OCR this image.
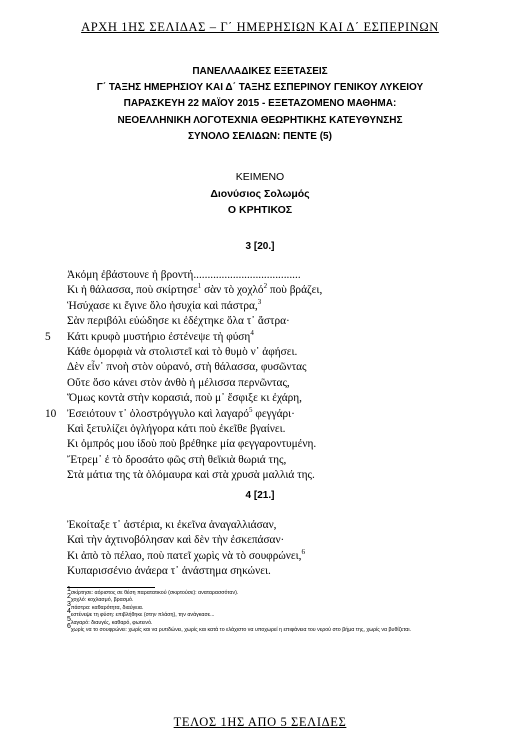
ΑΡΧΗ 1ΗΣ ΣΕΛΙΔΑΣ – Γ΄ ΗΜΕΡΗΣΙΩΝ ΚΑΙ Δ΄ ΕΣΠΕΡΙΝΩΝ
ΠΑΝΕΛΛΑΔΙΚΕΣ ΕΞΕΤΑΣΕΙΣ
Γ΄ ΤΑΞΗΣ ΗΜΕΡΗΣΙΟΥ ΚΑΙ Δ΄ ΤΑΞΗΣ ΕΣΠΕΡΙΝΟΥ ΓΕΝΙΚΟΥ ΛΥΚΕΙΟΥ
ΠΑΡΑΣΚΕΥΗ 22 ΜΑΪΟΥ 2015 - ΕΞΕΤΑΖΟΜΕΝΟ ΜΑΘΗΜΑ:
ΝΕΟΕΛΛΗΝΙΚΗ ΛΟΓΟΤΕΧΝΙΑ ΘΕΩΡΗΤΙΚΗΣ ΚΑΤΕΥΘΥΝΣΗΣ
ΣΥΝΟΛΟ ΣΕΛΙΔΩΝ: ΠΕΝΤΕ (5)
ΚΕΙΜΕΝΟ
Διονύσιος Σολωμός
Ο ΚΡΗΤΙΚΟΣ
3 [20.]
Ἀκόμη ἐβάστουνε ἡ βροντή......................................
Κι ἡ θάλασσα, ποὺ σκίρτησε$^1$ σὰν τὸ χοχλό$^2$ ποὺ βράζει,
Ἡσύχασε κι ἔγινε ὅλο ἡσυχία καὶ πάστρα,$^3$
Σὰν περιβόλι εὐώδησε κι ἐδέχτηκε ὅλα τ᾿ ἄστρα·
5	Κάτι κρυφὸ μυστήριο ἐστένεψε τὴ φύση$^4$
Κάθε ὀμορφιὰ νὰ στολιστεῖ καὶ τὸ θυμὸ ν᾿ ἀφήσει.
Δὲν εἶν᾿ πνοὴ στὸν οὐρανό, στὴ θάλασσα, φυσῶντας
Οὔτε ὅσο κάνει στὸν ἀνθὸ ἡ μέλισσα περνῶντας,
Ὅμως κοντὰ στὴν κορασιά, ποὺ μ᾿ ἔσφιξε κι ἐχάρη,
10 Ἐσειότουν τ᾿ ὁλοστρόγγυλο καὶ λαγαρό$^5$ φεγγάρι·
Καὶ ξετυλίζει ὀγλήγορα κάτι ποὺ ἐκεῖθε βγαίνει.
Κι ὀμπρός μου ἰδοὺ ποὺ βρέθηκε μία φεγγαροντυμένη.
Ἔτρεμ᾿ ἐ τὸ δροσάτο φῶς στὴ θεϊκιὰ θωριά της,
Στὰ μάτια της τὰ ὁλόμαυρα καὶ στὰ χρυσὰ μαλλιά της.
4 [21.]
Ἐκοίταξε τ᾿ ἀστέρια, κι ἐκεῖνα ἀναγαλλιάσαν,
Καὶ τὴν ἀχτινοβόλησαν καὶ δὲν τὴν ἐσκεπάσαν·
Κι ἀπὸ τὸ πέλαο, ποὺ πατεῖ χωρὶς νὰ τὸ σουφρώνει,$^6$
Κυπαρισσένιο ἀνάερα τ᾿ ἀνάστημα σηκώνει.
$^1$σκίρτησε: αόριστος σε θέση παρατατικού (σκιρτούσε): αναταρασσόταν).
$^2$χοχλό: κοχλασμό, βρασμό.
$^3$πάστρα: καθαρότητα, διαύγεια.
$^4$εστένεψε τη φύση: επιβλήθηκε (στην πλάση), την ανάγκασε...
$^5$λαγαρό: διαυγές, καθαρό, φωτεινό.
$^6$χωρίς να το σουφρώνει: χωρίς και να ρυτιδώνει, χωρίς και κατά το ελάχιστο να υποχωρεί η επιφάνεια του νερού στο βήμα της, χωρίς να βυθίζεται.
ΤΕΛΟΣ 1ΗΣ ΑΠΟ 5 ΣΕΛΙΔΕΣ
